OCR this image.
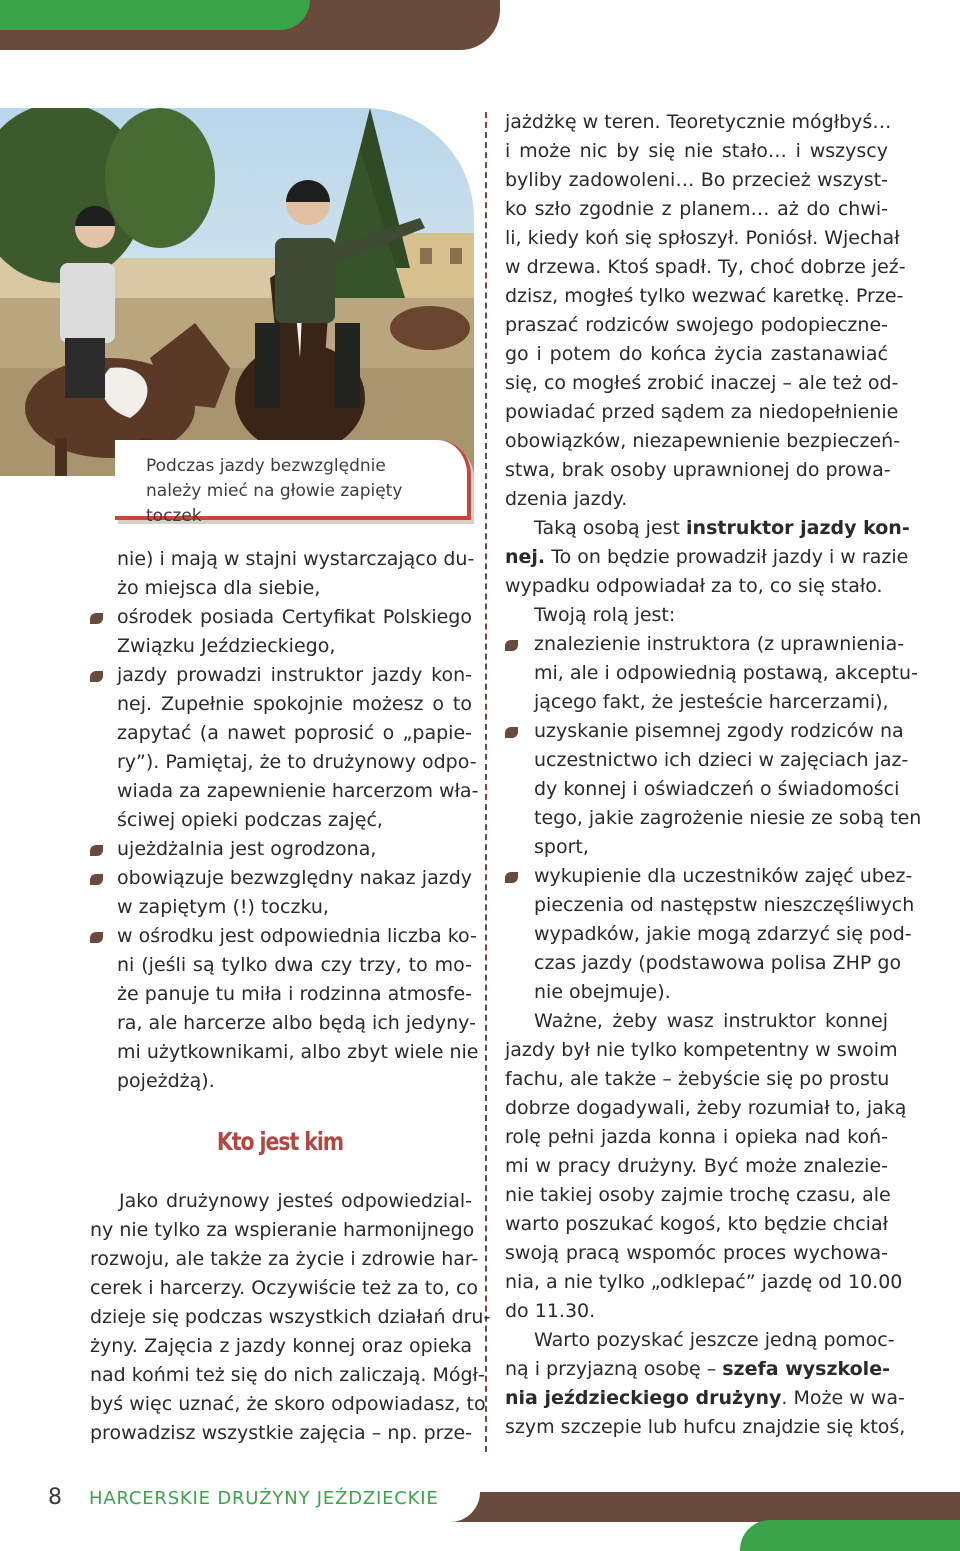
Podczas jazdy bezwzględnie należy mieć na głowie zapięty toczek
nie) i mają w stajni wystarczająco du-
żo miejsca dla siebie,
ośrodek posiada Certyfikat Polskiego
Związku Jeździeckiego,
jazdy prowadzi instruktor jazdy kon-
nej. Zupełnie spokojnie możesz o to
zapytać (a nawet poprosić o „papie-
ry”). Pamiętaj, że to drużynowy odpo-
wiada za zapewnienie harcerzom wła-
ściwej opieki podczas zajęć,
ujeżdżalnia jest ogrodzona,
obowiązuje bezwzględny nakaz jazdy
w zapiętym (!) toczku,
w ośrodku jest odpowiednia liczba ko-
ni (jeśli są tylko dwa czy trzy, to mo-
że panuje tu miła i rodzinna atmosfe-
ra, ale harcerze albo będą ich jedyny-
mi użytkownikami, albo zbyt wiele nie
pojeżdżą).
Kto jest kim
Jako drużynowy jesteś odpowiedzial-
ny nie tylko za wspieranie harmonijnego
rozwoju, ale także za życie i zdrowie har-
cerek i harcerzy. Oczywiście też za to, co
dzieje się podczas wszystkich działań dru-
żyny. Zajęcia z jazdy konnej oraz opieka
nad końmi też się do nich zaliczają. Mógł-
byś więc uznać, że skoro odpowiadasz, to
prowadzisz wszystkie zajęcia – np. prze-
jażdżkę w teren. Teoretycznie mógłbyś…
i może nic by się nie stało… i wszyscy
byliby zadowoleni… Bo przecież wszyst-
ko szło zgodnie z planem… aż do chwi-
li, kiedy koń się spłoszył. Poniósł. Wjechał
w drzewa. Ktoś spadł. Ty, choć dobrze jeź-
dzisz, mogłeś tylko wezwać karetkę. Prze-
praszać rodziców swojego podopieczne-
go i potem do końca życia zastanawiać
się, co mogłeś zrobić inaczej – ale też od-
powiadać przed sądem za niedopełnienie
obowiązków, niezapewnienie bezpieczeń-
stwa, brak osoby uprawnionej do prowa-
dzenia jazdy.
Taką osobą jest instruktor jazdy kon-
nej. To on będzie prowadził jazdy i w razie
wypadku odpowiadał za to, co się stało.
Twoją rolą jest:
znalezienie instruktora (z uprawnienia-
mi, ale i odpowiednią postawą, akceptu-
jącego fakt, że jesteście harcerzami),
uzyskanie pisemnej zgody rodziców na
uczestnictwo ich dzieci w zajęciach jaz-
dy konnej i oświadczeń o świadomości
tego, jakie zagrożenie niesie ze sobą ten
sport,
wykupienie dla uczestników zajęć ubez-
pieczenia od następstw nieszczęśliwych
wypadków, jakie mogą zdarzyć się pod-
czas jazdy (podstawowa polisa ZHP go
nie obejmuje).
Ważne, żeby wasz instruktor konnej
jazdy był nie tylko kompetentny w swoim
fachu, ale także – żebyście się po prostu
dobrze dogadywali, żeby rozumiał to, jaką
rolę pełni jazda konna i opieka nad koń-
mi w pracy drużyny. Być może znalezie-
nie takiej osoby zajmie trochę czasu, ale
warto poszukać kogoś, kto będzie chciał
swoją pracą wspomóc proces wychowa-
nia, a nie tylko „odklepać” jazdę od 10.00
do 11.30.
Warto pozyskać jeszcze jedną pomoc-
ną i przyjazną osobę – szefa wyszkole-
nia jeździeckiego drużyny. Może w wa-
szym szczepie lub hufcu znajdzie się ktoś,
8 HARCERSKIE DRUŻYNY JEŹDZIECKIE
